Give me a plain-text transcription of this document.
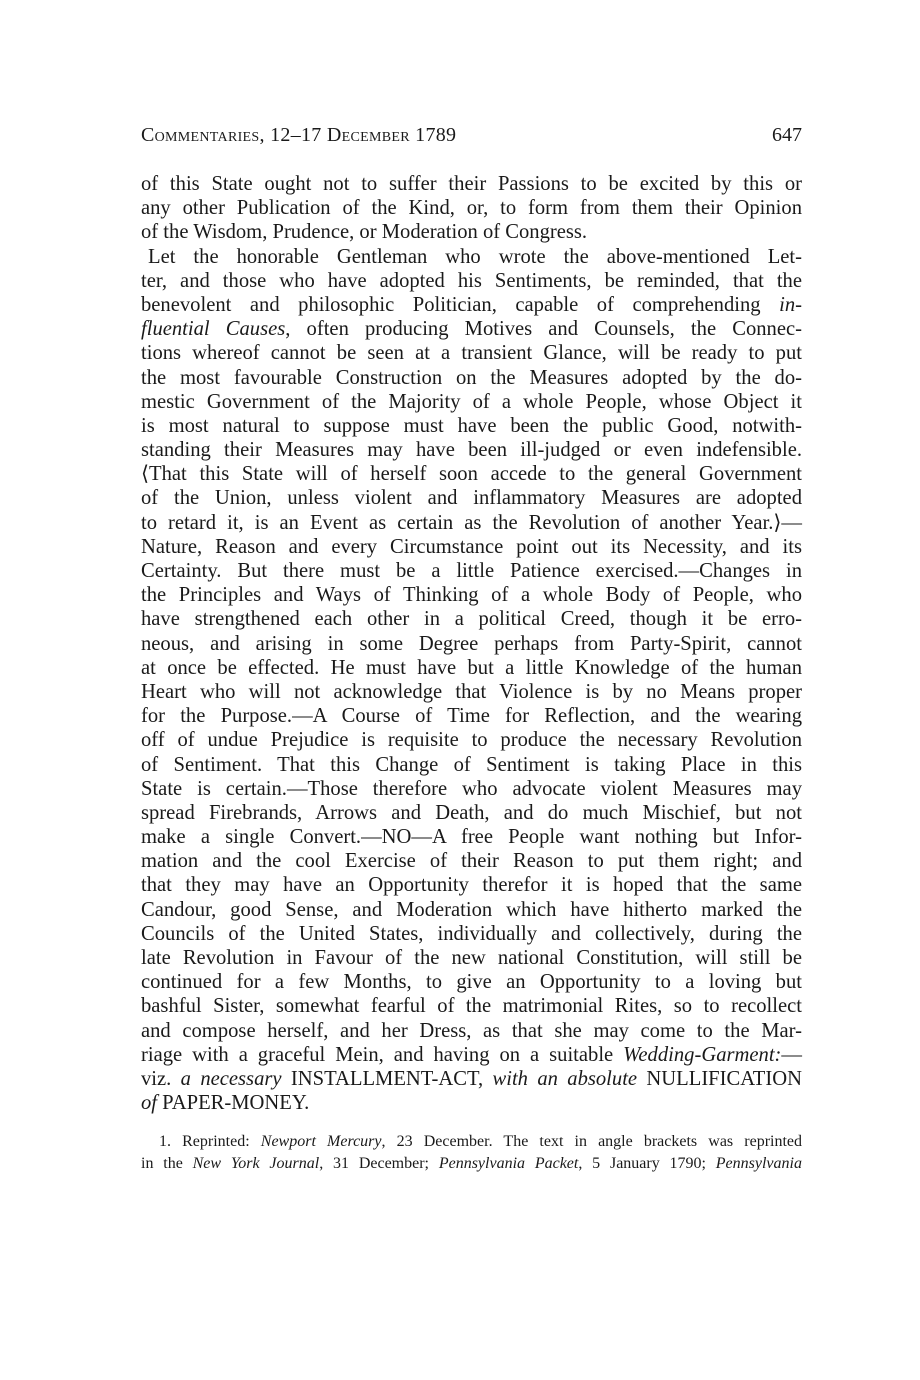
Commentaries, 12–17 December 1789	647
of this State ought not to suffer their Passions to be excited by this or
any other Publication of the Kind, or, to form from them their Opinion
of the Wisdom, Prudence, or Moderation of Congress.
Let the honorable Gentleman who wrote the above-mentioned Let-
ter, and those who have adopted his Sentiments, be reminded, that the
benevolent and philosophic Politician, capable of comprehending in-
fluential Causes, often producing Motives and Counsels, the Connec-
tions whereof cannot be seen at a transient Glance, will be ready to put
the most favourable Construction on the Measures adopted by the do-
mestic Government of the Majority of a whole People, whose Object it
is most natural to suppose must have been the public Good, notwith-
standing their Measures may have been ill-judged or even indefensible.
⟨That this State will of herself soon accede to the general Government
of the Union, unless violent and inflammatory Measures are adopted
to retard it, is an Event as certain as the Revolution of another Year.⟩—
Nature, Reason and every Circumstance point out its Necessity, and its
Certainty. But there must be a little Patience exercised.—Changes in
the Principles and Ways of Thinking of a whole Body of People, who
have strengthened each other in a political Creed, though it be erro-
neous, and arising in some Degree perhaps from Party-Spirit, cannot
at once be effected. He must have but a little Knowledge of the human
Heart who will not acknowledge that Violence is by no Means proper
for the Purpose.—A Course of Time for Reflection, and the wearing
off of undue Prejudice is requisite to produce the necessary Revolution
of Sentiment. That this Change of Sentiment is taking Place in this
State is certain.—Those therefore who advocate violent Measures may
spread Firebrands, Arrows and Death, and do much Mischief, but not
make a single Convert.—NO—A free People want nothing but Infor-
mation and the cool Exercise of their Reason to put them right; and
that they may have an Opportunity therefor it is hoped that the same
Candour, good Sense, and Moderation which have hitherto marked the
Councils of the United States, individually and collectively, during the
late Revolution in Favour of the new national Constitution, will still be
continued for a few Months, to give an Opportunity to a loving but
bashful Sister, somewhat fearful of the matrimonial Rites, so to recollect
and compose herself, and her Dress, as that she may come to the Mar-
riage with a graceful Mein, and having on a suitable Wedding-Garment:—
viz. a necessary INSTALLMENT-ACT, with an absolute NULLIFICATION
of PAPER-MONEY.
1. Reprinted: Newport Mercury, 23 December. The text in angle brackets was reprinted
in the New York Journal, 31 December; Pennsylvania Packet, 5 January 1790; Pennsylvania
